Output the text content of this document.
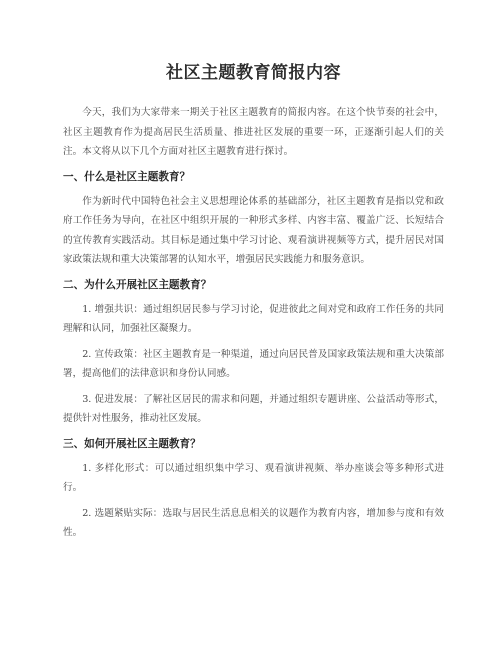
社区主题教育简报内容

今天，我们为大家带来一期关于社区主题教育的简报内容。在这个快节奏的社会中，社区主题教育作为提高居民生活质量、推进社区发展的重要一环，正逐渐引起人们的关注。本文将从以下几个方面对社区主题教育进行探讨。

一、什么是社区主题教育？

作为新时代中国特色社会主义思想理论体系的基础部分，社区主题教育是指以党和政府工作任务为导向，在社区中组织开展的一种形式多样、内容丰富、覆盖广泛、长短结合的宣传教育实践活动。其目标是通过集中学习讨论、观看演讲视频等方式，提升居民对国家政策法规和重大决策部署的认知水平，增强居民实践能力和服务意识。

二、为什么开展社区主题教育？

1. 增强共识：通过组织居民参与学习讨论，促进彼此之间对党和政府工作任务的共同理解和认同，加强社区凝聚力。

2. 宣传政策：社区主题教育是一种渠道，通过向居民普及国家政策法规和重大决策部署，提高他们的法律意识和身份认同感。

3. 促进发展：了解社区居民的需求和问题，并通过组织专题讲座、公益活动等形式，提供针对性服务，推动社区发展。

三、如何开展社区主题教育？

1. 多样化形式：可以通过组织集中学习、观看演讲视频、举办座谈会等多种形式进行。

2. 选题紧贴实际：选取与居民生活息息相关的议题作为教育内容，增加参与度和有效性。
